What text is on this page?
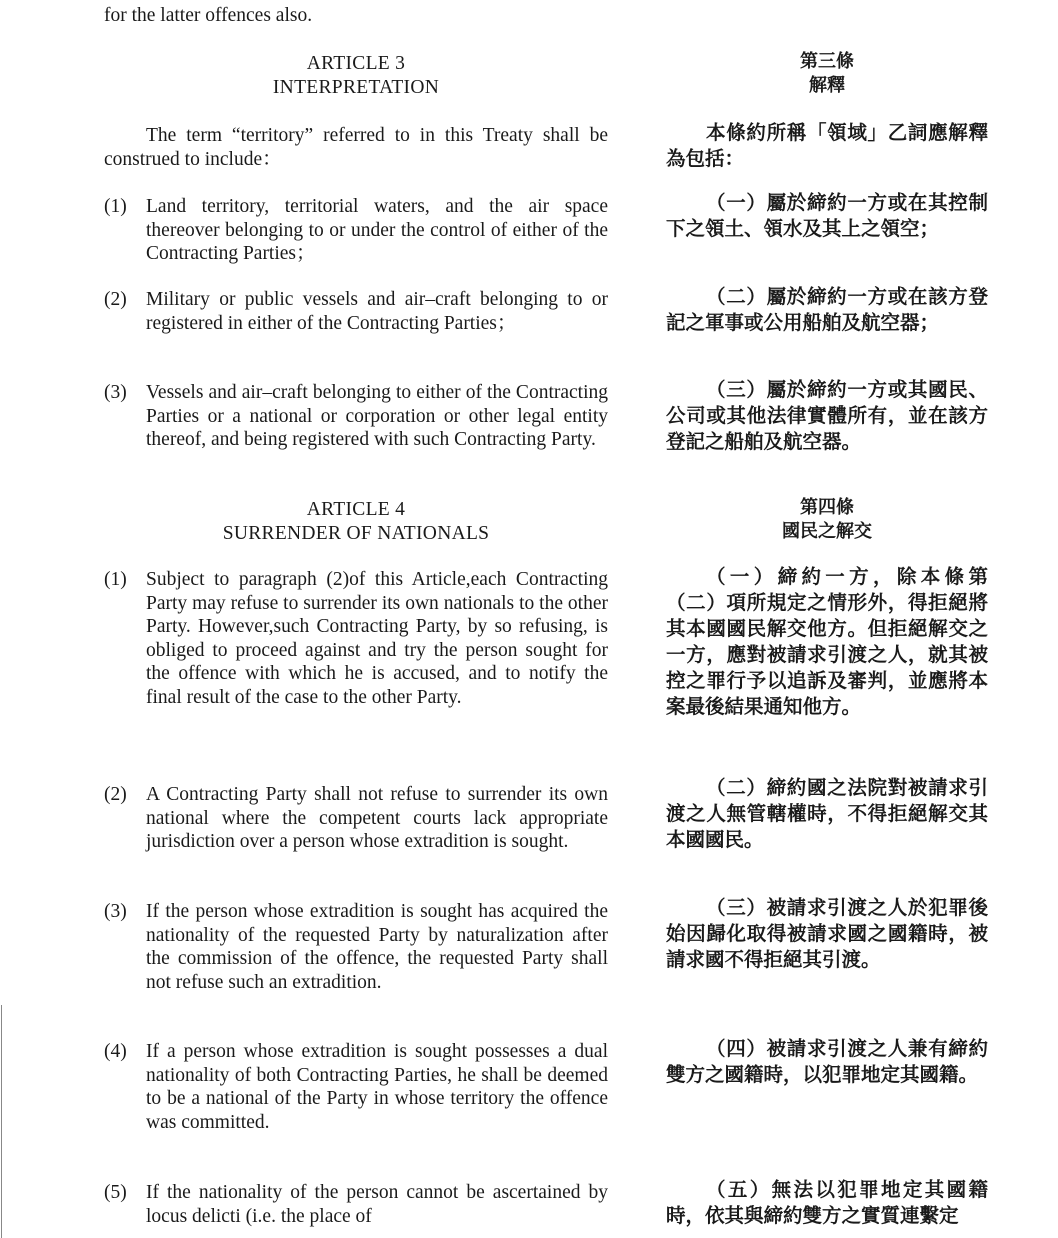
for the latter offences also.
ARTICLE 3
INTERPRETATION
第三條
解釋
The term “territory” referred to in this Treaty shall be construed to include：
本條約所稱「領域」乙詞應解釋為包括：
(1) Land territory, territorial waters, and the air space thereover belonging to or under the control of either of the Contracting Parties；
（一）屬於締約一方或在其控制下之領土、領水及其上之領空；
(2) Military or public vessels and air–craft belonging to or registered in either of the Contracting Parties；
（二）屬於締約一方或在該方登記之軍事或公用船舶及航空器；
(3) Vessels and air–craft belonging to either of the Contracting Parties or a national or corporation or other legal entity thereof, and being registered with such Contracting Party.
（三）屬於締約一方或其國民、公司或其他法律實體所有，並在該方登記之船舶及航空器。
ARTICLE 4
SURRENDER OF NATIONALS
第四條
國民之解交
(1) Subject to paragraph (2)of this Article,each Contracting Party may refuse to surrender its own nationals to the other Party. However,such Contracting Party, by so refusing, is obliged to proceed against and try the person sought for the offence with which he is accused, and to notify the final result of the case to the other Party.
（一）締約一方，除本條第（二）項所規定之情形外，得拒絕將其本國國民解交他方。但拒絕解交之一方，應對被請求引渡之人，就其被控之罪行予以追訴及審判，並應將本案最後結果通知他方。
(2) A Contracting Party shall not refuse to surrender its own national where the competent courts lack appropriate jurisdiction over a person whose extradition is sought.
（二）締約國之法院對被請求引渡之人無管轄權時，不得拒絕解交其本國國民。
(3) If the person whose extradition is sought has acquired the nationality of the requested Party by naturalization after the commission of the offence, the requested Party shall not refuse such an extradition.
（三）被請求引渡之人於犯罪後始因歸化取得被請求國之國籍時，被請求國不得拒絕其引渡。
(4) If a person whose extradition is sought possesses a dual nationality of both Contracting Parties, he shall be deemed to be a national of the Party in whose territory the offence was committed.
（四）被請求引渡之人兼有締約雙方之國籍時，以犯罪地定其國籍。
(5) If the nationality of the person cannot be ascertained by locus delicti (i.e. the place of
（五）無法以犯罪地定其國籍時，依其與締約雙方之實質連繫定
